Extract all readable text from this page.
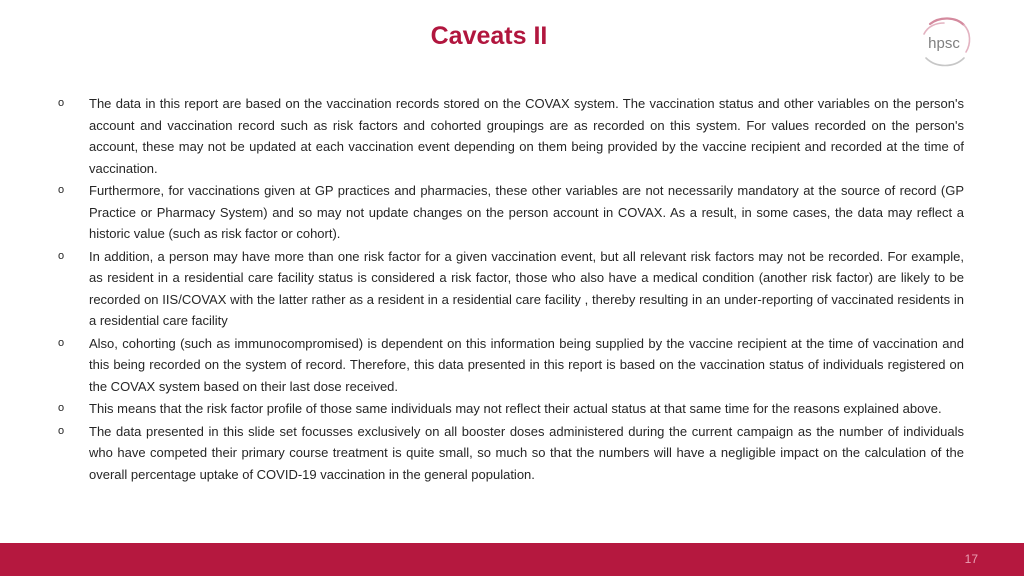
Caveats II	hpsc
o The data in this report are based on the vaccination records stored on the COVAX system. The vaccination status and other variables on the person's account and vaccination record such as risk factors and cohorted groupings are as recorded on this system. For values recorded on the person's account, these may not be updated at each vaccination event depending on them being provided by the vaccine recipient and recorded at the time of vaccination.
o Furthermore, for vaccinations given at GP practices and pharmacies, these other variables are not necessarily mandatory at the source of record (GP Practice or Pharmacy System) and so may not update changes on the person account in COVAX. As a result, in some cases, the data may reflect a historic value (such as risk factor or cohort).
o In addition, a person may have more than one risk factor for a given vaccination event, but all relevant risk factors may not be recorded. For example, as resident in a residential care facility status is considered a risk factor, those who also have a medical condition (another risk factor) are likely to be recorded on IIS/COVAX with the latter rather as a resident in a residential care facility , thereby resulting in an under-reporting of vaccinated residents in a residential care facility
o Also, cohorting (such as immunocompromised) is dependent on this information being supplied by the vaccine recipient at the time of vaccination and this being recorded on the system of record. Therefore, this data presented in this report is based on the vaccination status of individuals registered on the COVAX system based on their last dose received.
o This means that the risk factor profile of those same individuals may not reflect their actual status at that same time for the reasons explained above.
o The data presented in this slide set focusses exclusively on all booster doses administered during the current campaign as the number of individuals who have competed their primary course treatment is quite small, so much so that the numbers will have a negligible impact on the calculation of the overall percentage uptake of COVID-19 vaccination in the general population.
17
